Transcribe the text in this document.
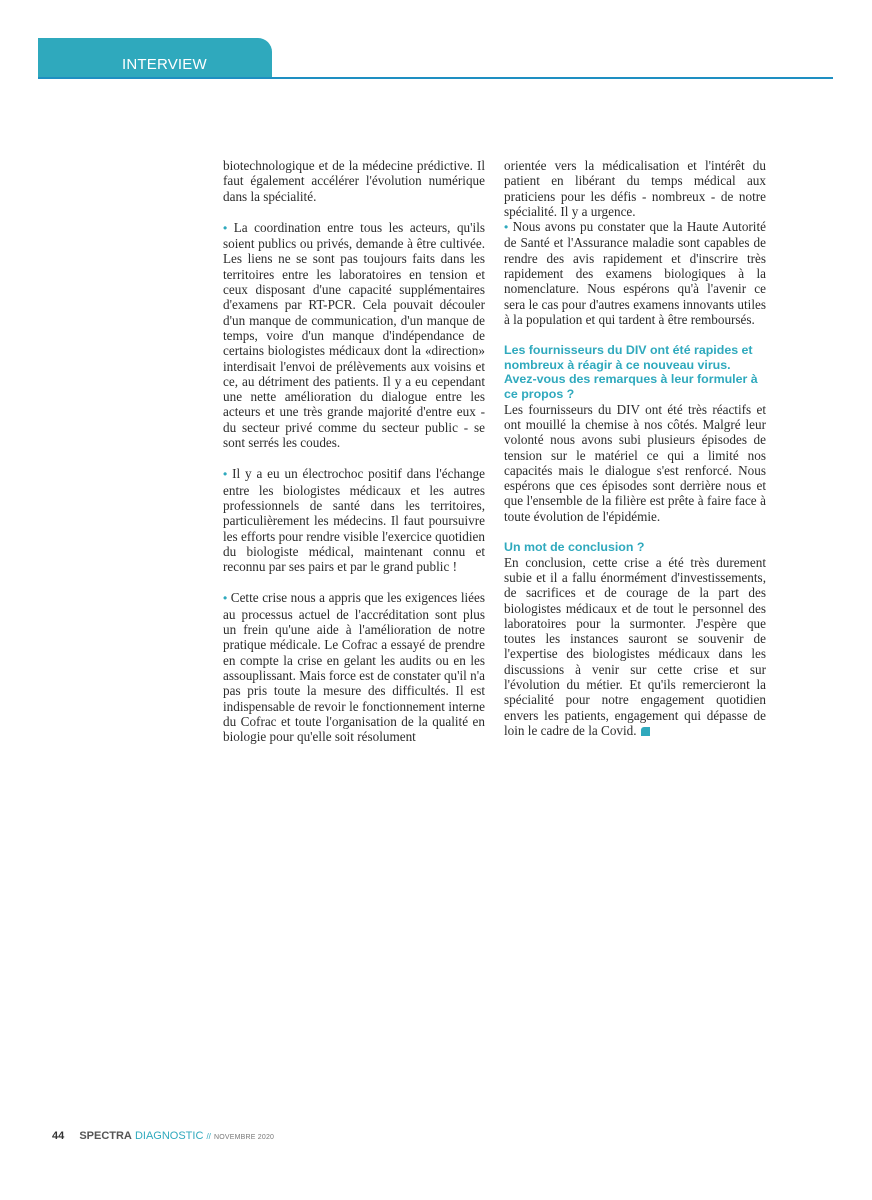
INTERVIEW

biotechnologique et de la médecine prédictive. Il faut également accélérer l'évolution numérique dans la spécialité.

• La coordination entre tous les acteurs, qu'ils soient publics ou privés, demande à être cultivée. Les liens ne se sont pas toujours faits dans les territoires entre les laboratoires en tension et ceux disposant d'une capacité supplémentaires d'examens par RT-PCR. Cela pouvait découler d'un manque de communication, d'un manque de temps, voire d'un manque d'indépendance de certains biologistes médicaux dont la «direction» interdisait l'envoi de prélèvements aux voisins et ce, au détriment des patients. Il y a eu cependant une nette amélioration du dialogue entre les acteurs et une très grande majorité d'entre eux - du secteur privé comme du secteur public - se sont serrés les coudes.

• Il y a eu un électrochoc positif dans l'échange entre les biologistes médicaux et les autres professionnels de santé dans les territoires, particulièrement les médecins. Il faut poursuivre les efforts pour rendre visible l'exercice quotidien du biologiste médical, maintenant connu et reconnu par ses pairs et par le grand public !

• Cette crise nous a appris que les exigences liées au processus actuel de l'accréditation sont plus un frein qu'une aide à l'amélioration de notre pratique médicale. Le Cofrac a essayé de prendre en compte la crise en gelant les audits ou en les assouplissant. Mais force est de constater qu'il n'a pas pris toute la mesure des difficultés. Il est indispensable de revoir le fonctionnement interne du Cofrac et toute l'organisation de la qualité en biologie pour qu'elle soit résolument

orientée vers la médicalisation et l'intérêt du patient en libérant du temps médical aux praticiens pour les défis - nombreux - de notre spécialité. Il y a urgence.

• Nous avons pu constater que la Haute Autorité de Santé et l'Assurance maladie sont capables de rendre des avis rapidement et d'inscrire très rapidement des examens biologiques à la nomenclature. Nous espérons qu'à l'avenir ce sera le cas pour d'autres examens innovants utiles à la population et qui tardent à être remboursés.

Les fournisseurs du DIV ont été rapides et nombreux à réagir à ce nouveau virus. Avez-vous des remarques à leur formuler à ce propos ?

Les fournisseurs du DIV ont été très réactifs et ont mouillé la chemise à nos côtés. Malgré leur volonté nous avons subi plusieurs épisodes de tension sur le matériel ce qui a limité nos capacités mais le dialogue s'est renforcé. Nous espérons que ces épisodes sont derrière nous et que l'ensemble de la filière est prête à faire face à toute évolution de l'épidémie.

Un mot de conclusion ?

En conclusion, cette crise a été très durement subie et il a fallu énormément d'investissements, de sacrifices et de courage de la part des biologistes médicaux et de tout le personnel des laboratoires pour la surmonter. J'espère que toutes les instances sauront se souvenir de l'expertise des biologistes médicaux dans les discussions à venir sur cette crise et sur l'évolution du métier. Et qu'ils remercieront la spécialité pour notre engagement quotidien envers les patients, engagement qui dépasse de loin le cadre de la Covid.

44 SPECTRA DIAGNOSTIC // NOVEMBRE 2020
